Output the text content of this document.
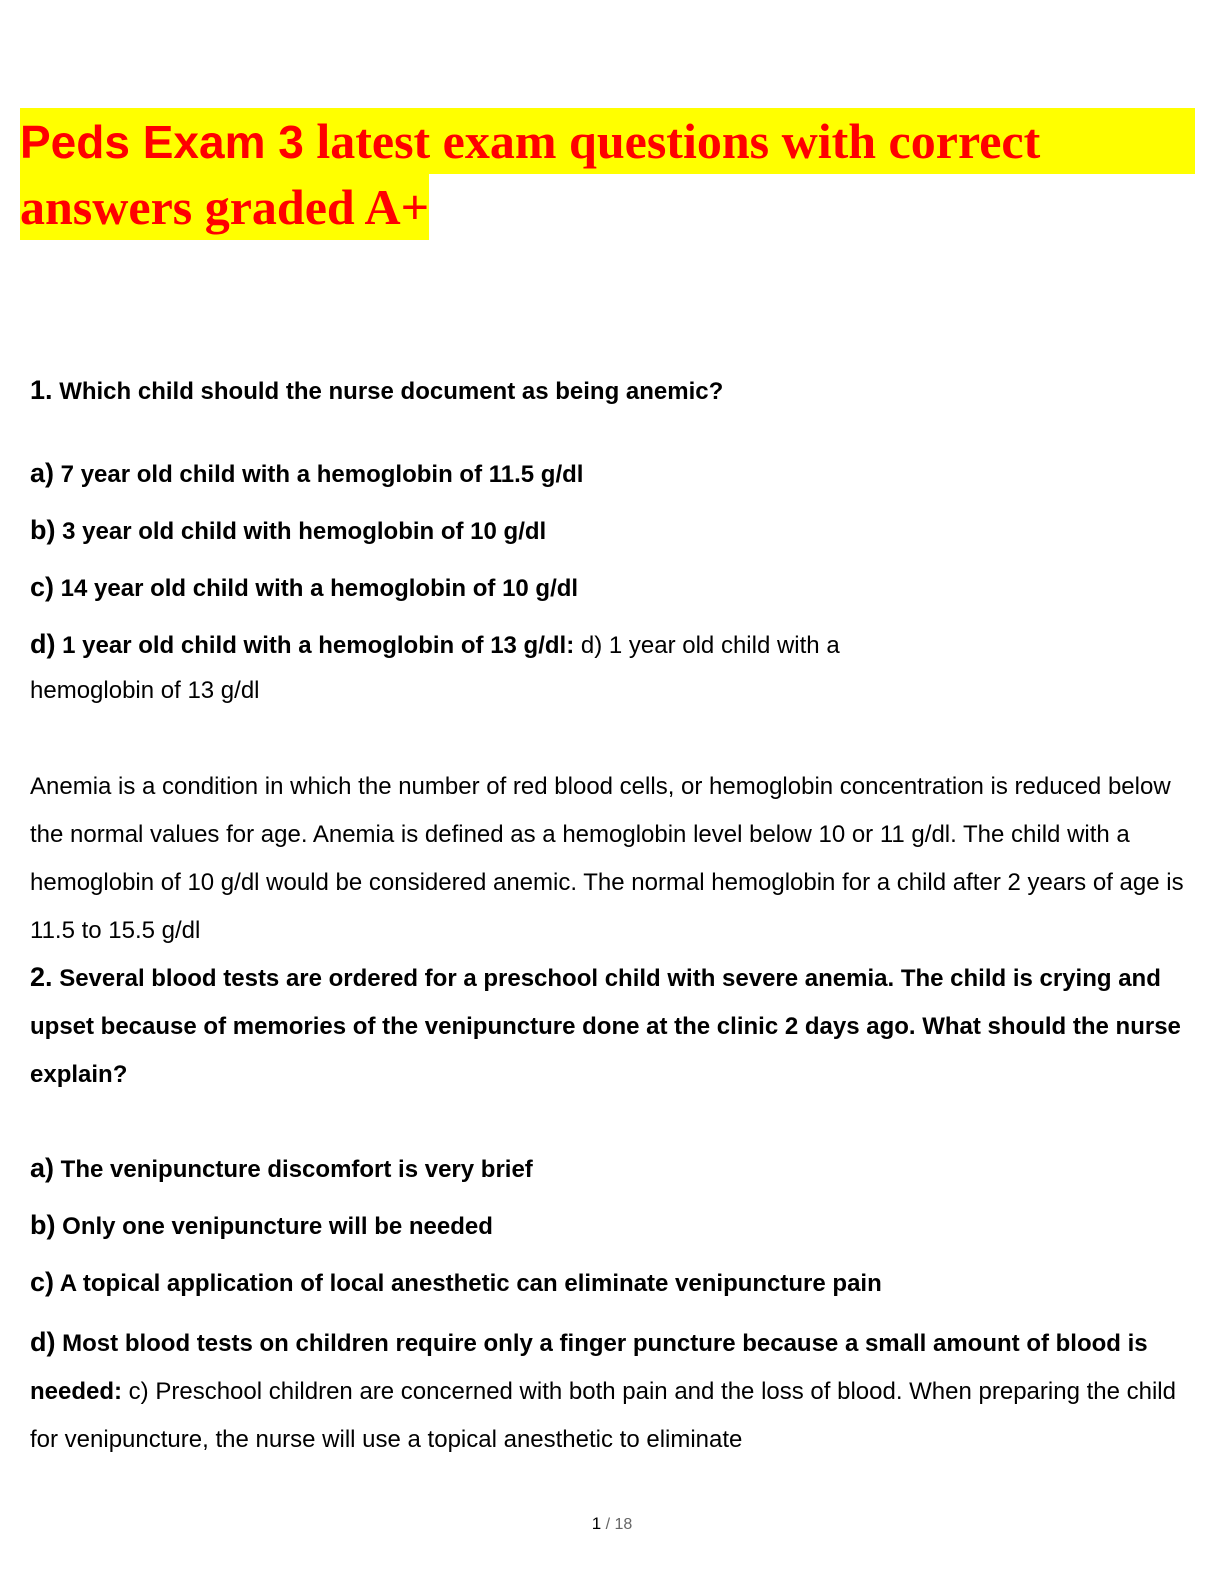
Peds Exam 3 latest exam questions with correct
answers graded A+

1. Which child should the nurse document as being anemic?

a) 7 year old child with a hemoglobin of 11.5 g/dl

b) 3 year old child with hemoglobin of 10 g/dl

c) 14 year old child with a hemoglobin of 10 g/dl

d) 1 year old child with a hemoglobin of 13 g/dl: d) 1 year old child with a

hemoglobin of 13 g/dl

Anemia is a condition in which the number of red blood cells, or hemoglobin concentration is reduced below the normal values for age. Anemia is defined as a hemoglobin level below 10 or 11 g/dl. The child with a hemoglobin of 10 g/dl would be considered anemic. The normal hemoglobin for a child after 2 years of age is

11.5 to 15.5 g/dl

2. Several blood tests are ordered for a preschool child with severe anemia. The child is crying and upset because of memories of the venipuncture done at the clinic 2 days ago. What should the nurse explain?

a) The venipuncture discomfort is very brief

b) Only one venipuncture will be needed

c) A topical application of local anesthetic can eliminate venipuncture pain

d) Most blood tests on children require only a finger puncture because a small amount of blood is needed: c) Preschool children are concerned with both pain and the loss of blood. When preparing the child for venipuncture, the nurse will use a topical anesthetic to eliminate

1 / 18
